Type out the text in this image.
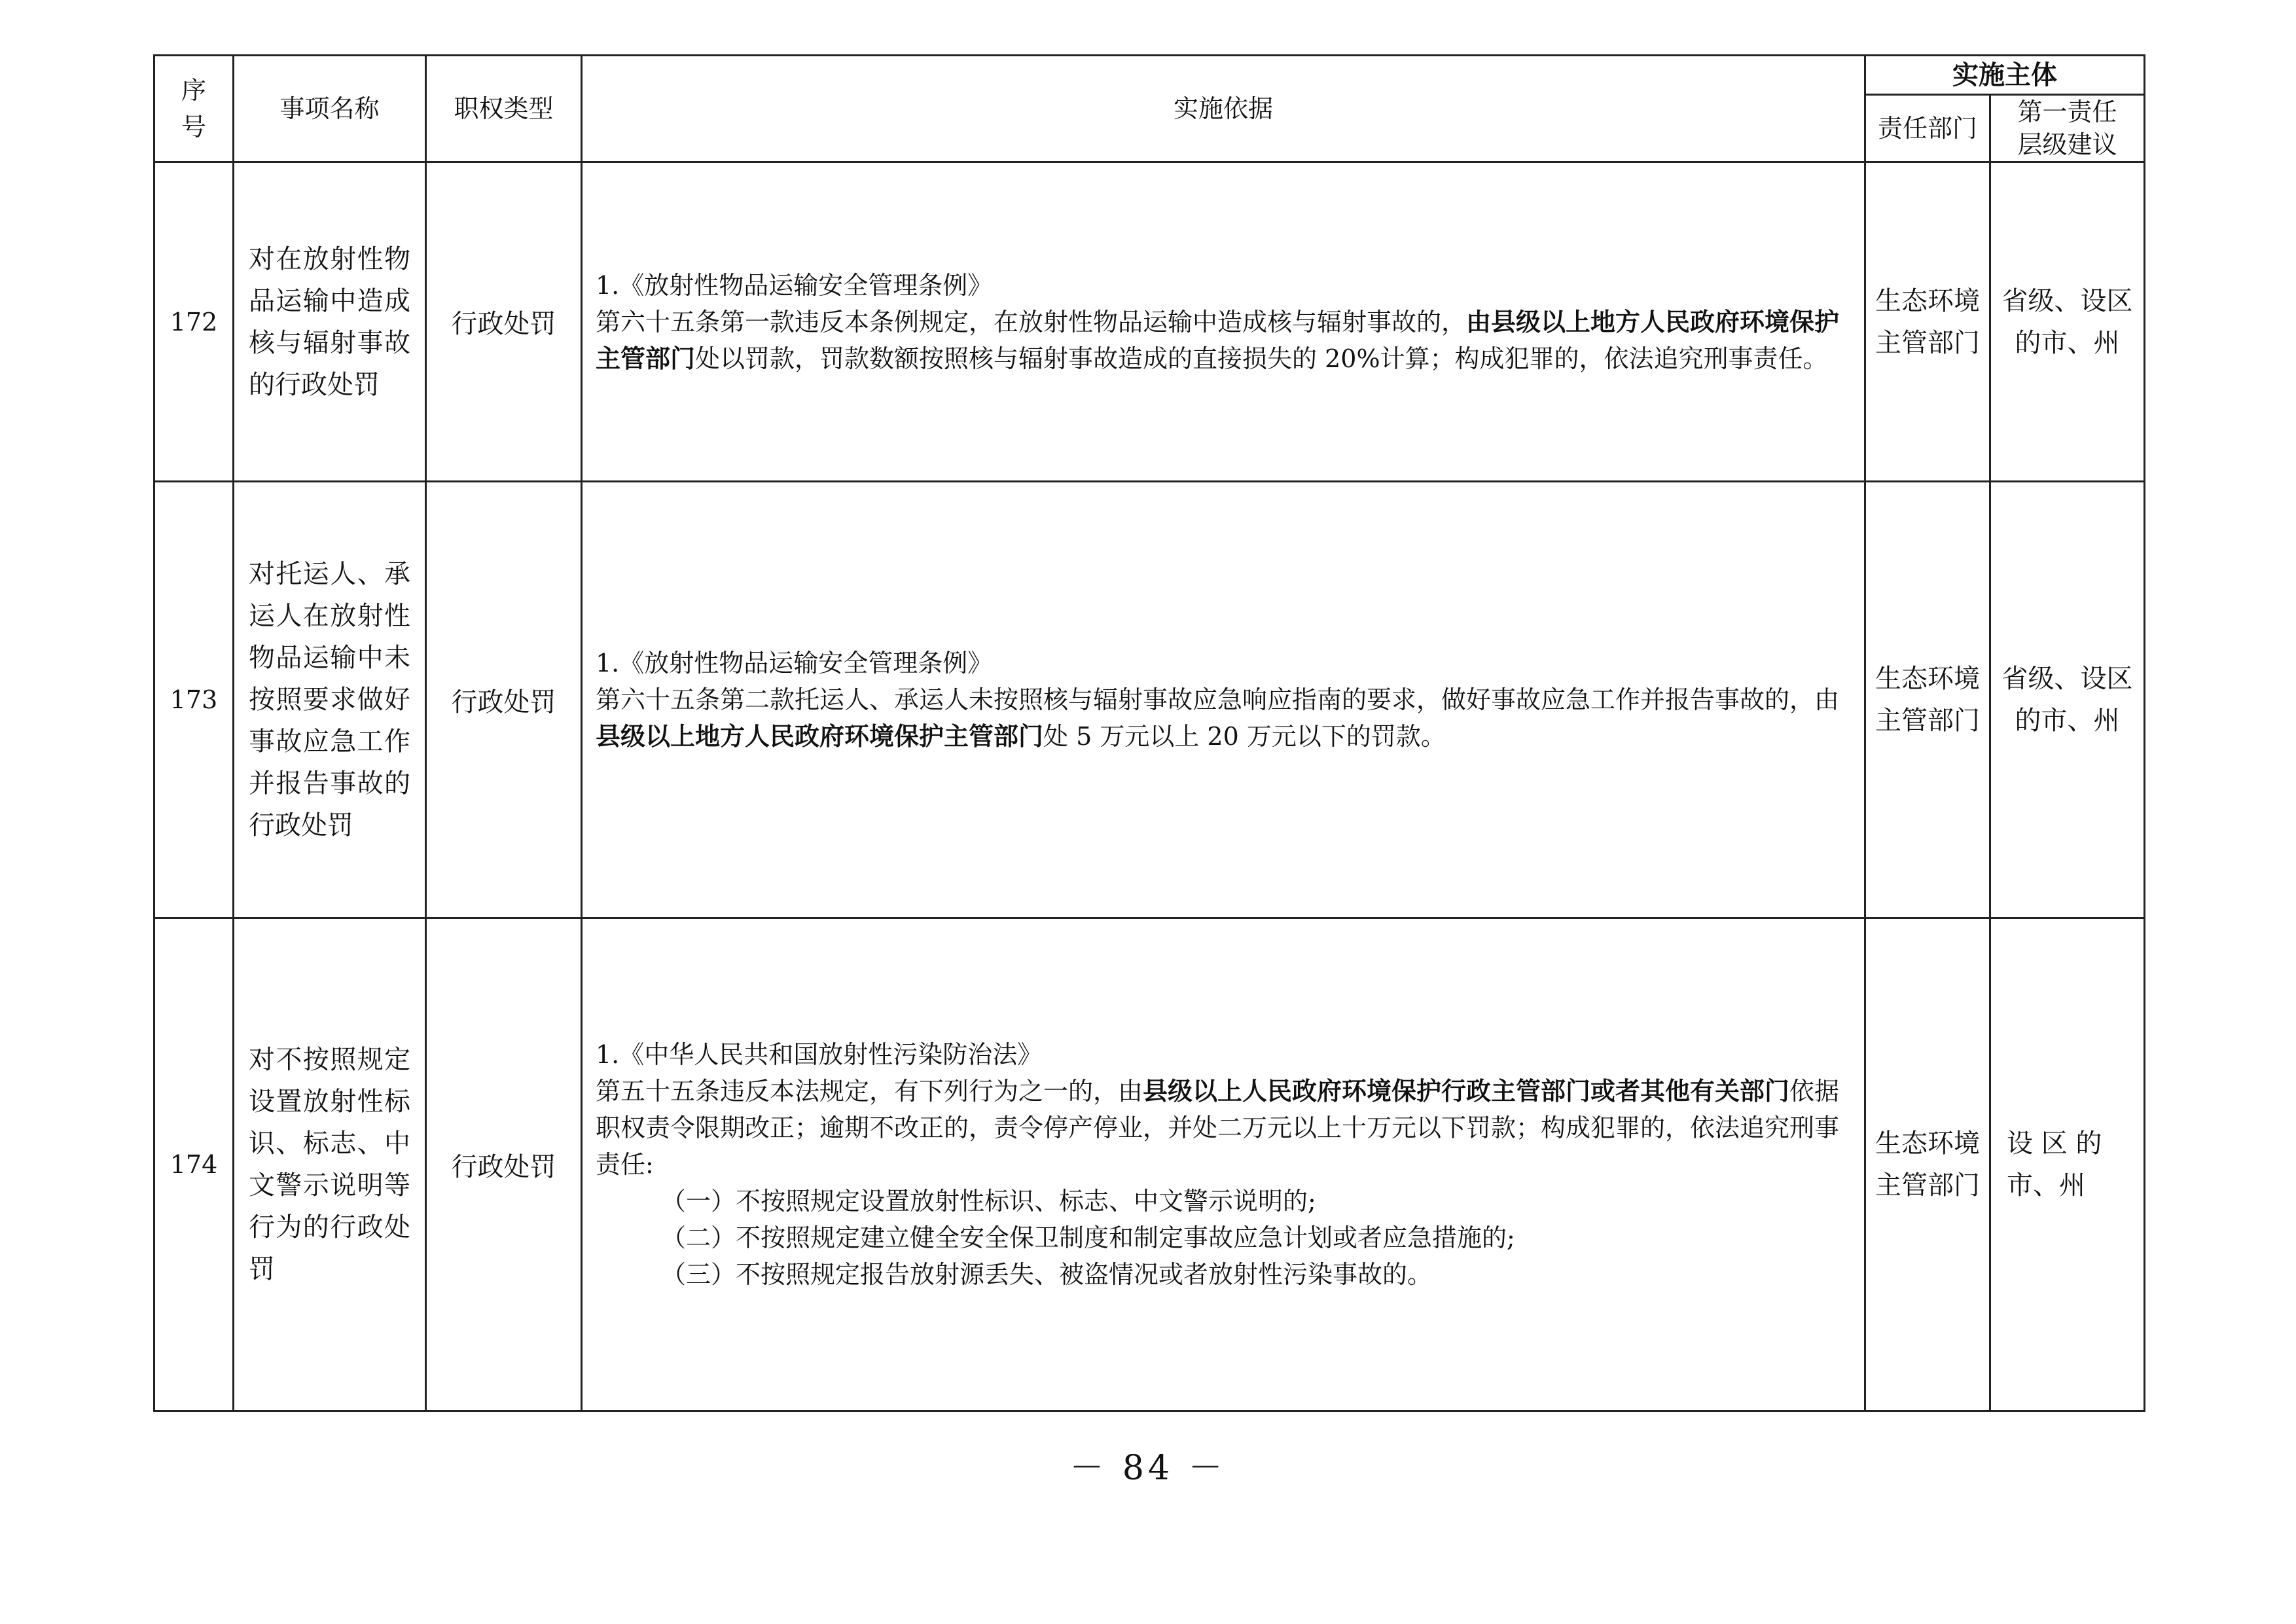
序号	事项名称	职权类型	实施依据	实施主体	
				责任部门	第一责任层级建议

172	对在放射性物品运输中造成核与辐射事故的行政处罚	行政处罚	1.《放射性物品运输安全管理条例》
第六十五条第一款违反本条例规定，在放射性物品运输中造成核与辐射事故的，由县级以上地方人民政府环境保护主管部门处以罚款，罚款数额按照核与辐射事故造成的直接损失的 20%计算；构成犯罪的，依法追究刑事责任。	生态环境主管部门	省级、设区的市、州
173	对托运人、承运人在放射性物品运输中未按照要求做好事故应急工作并报告事故的行政处罚	行政处罚	1.《放射性物品运输安全管理条例》
第六十五条第二款托运人、承运人未按照核与辐射事故应急响应指南的要求，做好事故应急工作并报告事故的，由县级以上地方人民政府环境保护主管部门处 5 万元以上 20 万元以下的罚款。	生态环境主管部门	省级、设区的市、州
174	对不按照规定设置放射性标识、标志、中文警示说明等行为的行政处罚	行政处罚	1.《中华人民共和国放射性污染防治法》
第五十五条违反本法规定，有下列行为之一的，由县级以上人民政府环境保护行政主管部门或者其他有关部门依据职权责令限期改正；逾期不改正的，责令停产停业，并处二万元以上十万元以下罚款；构成犯罪的，依法追究刑事责任:
（一）不按照规定设置放射性标识、标志、中文警示说明的;
（二）不按照规定建立健全安全保卫制度和制定事故应急计划或者应急措施的;
（三）不按照规定报告放射源丢失、被盗情况或者放射性污染事故的。	生态环境主管部门	设 区 的市、州
－ 84 －
